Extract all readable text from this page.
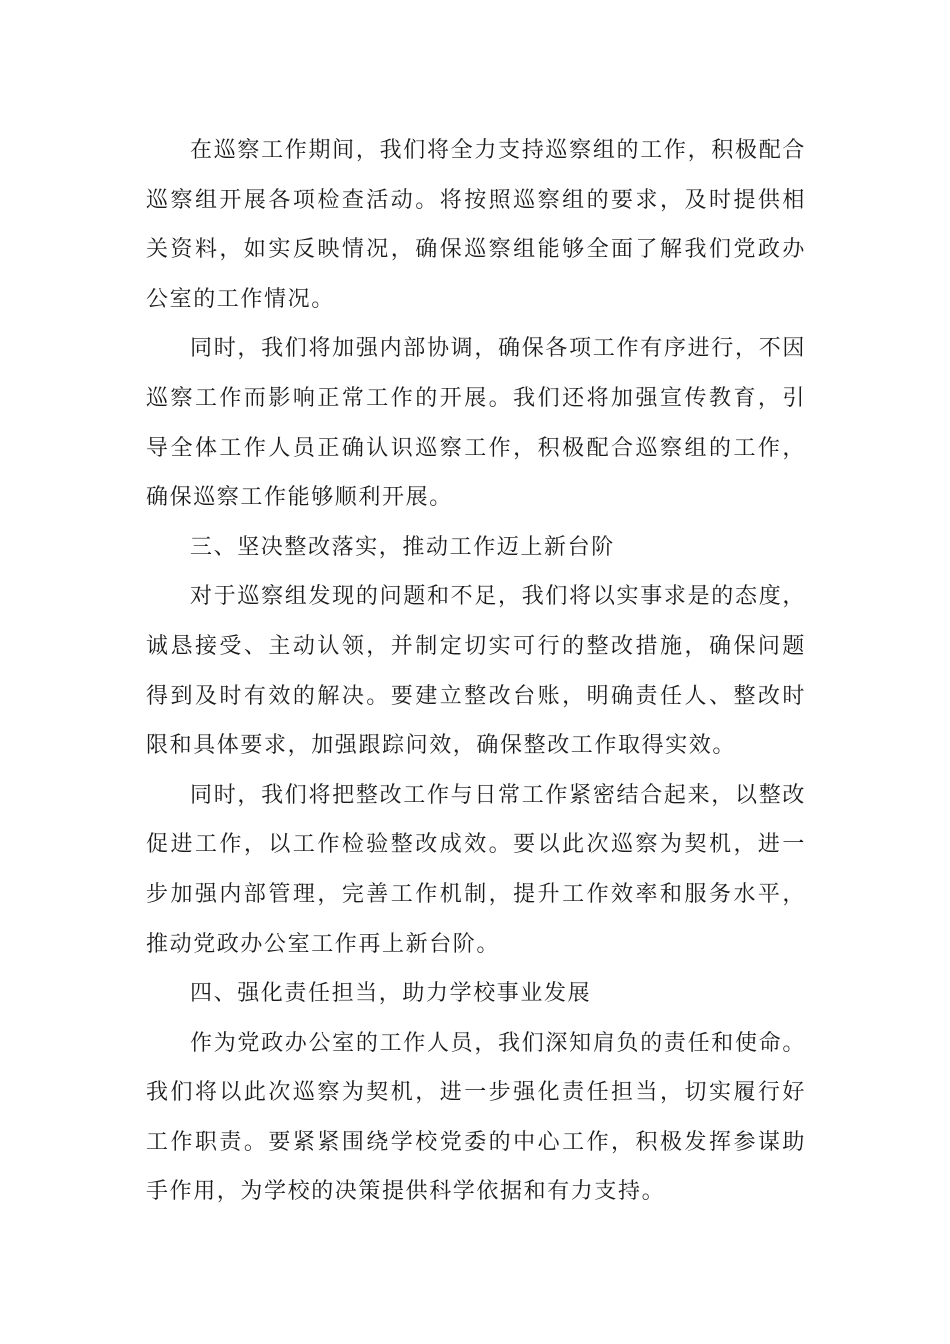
在巡察工作期间，我们将全力支持巡察组的工作，积极配合巡察组开展各项检查活动。将按照巡察组的要求，及时提供相关资料，如实反映情况，确保巡察组能够全面了解我们党政办公室的工作情况。

同时，我们将加强内部协调，确保各项工作有序进行，不因巡察工作而影响正常工作的开展。我们还将加强宣传教育，引导全体工作人员正确认识巡察工作，积极配合巡察组的工作，确保巡察工作能够顺利开展。

三、坚决整改落实，推动工作迈上新台阶

对于巡察组发现的问题和不足，我们将以实事求是的态度，诚恳接受、主动认领，并制定切实可行的整改措施，确保问题得到及时有效的解决。要建立整改台账，明确责任人、整改时限和具体要求，加强跟踪问效，确保整改工作取得实效。

同时，我们将把整改工作与日常工作紧密结合起来，以整改促进工作，以工作检验整改成效。要以此次巡察为契机，进一步加强内部管理，完善工作机制，提升工作效率和服务水平，推动党政办公室工作再上新台阶。

四、强化责任担当，助力学校事业发展

作为党政办公室的工作人员，我们深知肩负的责任和使命。我们将以此次巡察为契机，进一步强化责任担当，切实履行好工作职责。要紧紧围绕学校党委的中心工作，积极发挥参谋助手作用，为学校的决策提供科学依据和有力支持。
